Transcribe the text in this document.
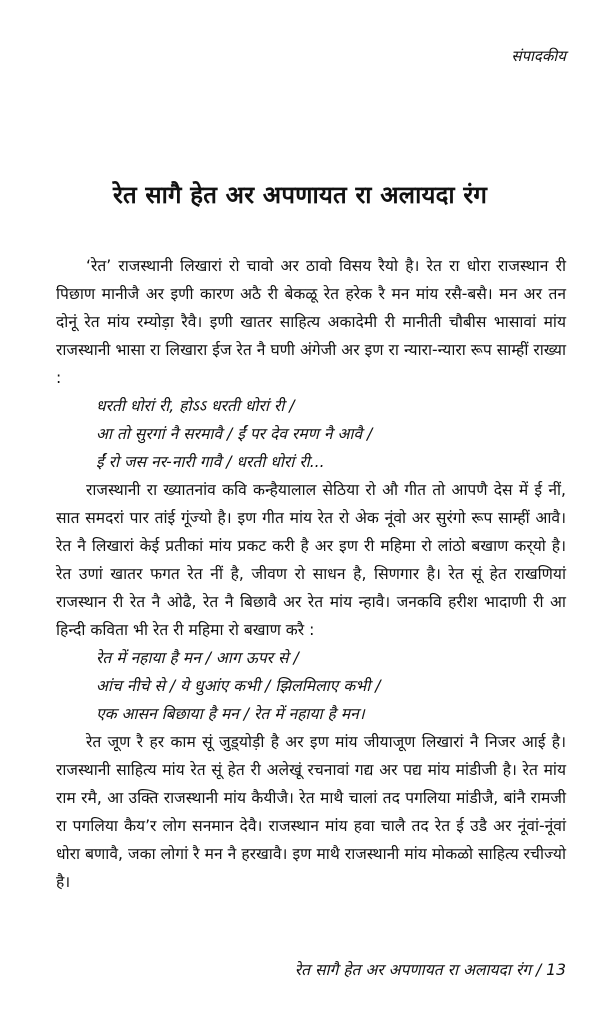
संपादकीय
रेत सागै हेत अर अपणायत रा अलायदा रंग

‘रेत’ राजस्थानी लिखारां रो चावो अर ठावो विसय रैयो है। रेत रा धोरा राजस्थान री पिछाण मानीजै अर इणी कारण अठै री बेकळू रेत हरेक रै मन मांय रसै-बसै। मन अर तन दोनूं रेत मांय रम्योड़ा रैवै। इणी खातर साहित्य अकादेमी री मानीती चौबीस भासावां मांय राजस्थानी भासा रा लिखारा ईज रेत नै घणी अंगेजी अर इण रा न्यारा-न्यारा रूप साम्हीं राख्या :

धरती धोरां री, होऽऽ धरती धोरां री /
आ तो सुरगां नै सरमावै / ईं पर देव रमण नै आवै /
ईं रो जस नर-नारी गावै / धरती धोरां री...

राजस्थानी रा ख्यातनांव कवि कन्हैयालाल सेठिया रो औ गीत तो आपणै देस में ई नीं, सात समदरां पार तांई गूंज्यो है। इण गीत मांय रेत रो अेक नूंवो अर सुरंगो रूप साम्हीं आवै। रेत नै लिखारां केई प्रतीकां मांय प्रकट करी है अर इण री महिमा रो लांठो बखाण कर्‌यो है। रेत उणां खातर फगत रेत नीं है, जीवण रो साधन है, सिणगार है। रेत सूं हेत राखणियां राजस्थान री रेत नै ओढै, रेत नै बिछावै अर रेत मांय न्हावै। जनकवि हरीश भादाणी री आ हिन्दी कविता भी रेत री महिमा रो बखाण करै :

रेत में नहाया है मन / आग ऊपर से /
आंच नीचे से / ये धुआंए कभी / झिलमिलाए कभी /
एक आसन बिछाया है मन / रेत में नहाया है मन।

रेत जूण रै हर काम सूं जुड़्योड़ी है अर इण मांय जीयाजूण लिखारां नै निजर आई है। राजस्थानी साहित्य मांय रेत सूं हेत री अलेखूं रचनावां गद्य अर पद्य मांय मांडीजी है। रेत मांय राम रमै, आ उक्ति राजस्थानी मांय कैयीजै। रेत माथै चालां तद पगलिया मांडीजै, बांनै रामजी रा पगलिया कैय’र लोग सनमान देवै। राजस्थान मांय हवा चालै तद रेत ई उडै अर नूंवां-नूंवां धोरा बणावै, जका लोगां रै मन नै हरखावै। इण माथै राजस्थानी मांय मोकळो साहित्य रचीज्यो है।

रेत सागै हेत अर अपणायत रा अलायदा रंग / 13
